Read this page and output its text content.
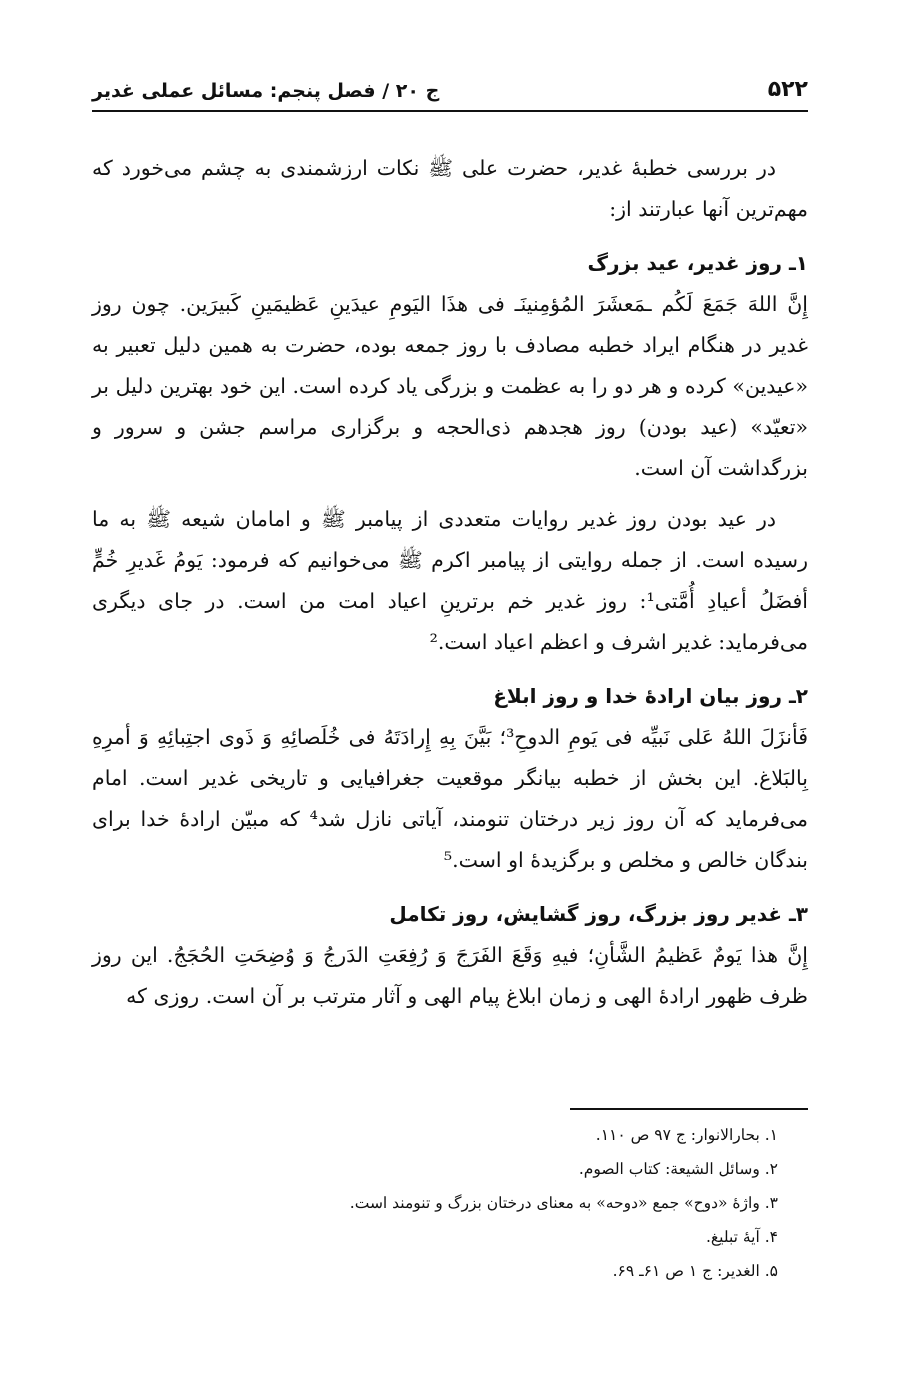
۵۲۲
ج ۲۰ / فصل پنجم: مسائل عملی غدیر

در بررسی خطبهٔ غدیر، حضرت علی ﷺ نکات ارزشمندی به چشم می‌خورد که مهم‌ترین آنها عبارتند از:

۱ـ روز غدیر، عید بزرگ

إِنَّ اللهَ جَمَعَ لَکُم ـمَعشَرَ المُؤمِنینَـ فی هذَا الیَومِ عیدَینِ عَظیمَینِ کَبیرَین. چون روز غدیر در هنگام ایراد خطبه مصادف با روز جمعه بوده، حضرت به همین دلیل تعبیر به «عیدین» کرده و هر دو را به عظمت و بزرگی یاد کرده است. این خود بهترین دلیل بر «تعیّد» (عید بودن) روز هجدهم ذی‌الحجه و برگزاری مراسم جشن و سرور و بزرگداشت آن است.

در عید بودن روز غدیر روایات متعددی از پیامبر ﷺ و امامان شیعه ﷺ به ما رسیده است. از جمله روایتی از پیامبر اکرم ﷺ می‌خوانیم که فرمود: یَومُ غَدیرِ خُمٍّ أفضَلُ أعیادِ أُمَّتی¹: روز غدیر خم برترینِ اعیاد امت من است. در جای دیگری می‌فرماید: غدیر اشرف و اعظم اعیاد است.²

۲ـ روز بیان ارادهٔ خدا و روز ابلاغ

فَأنزَلَ اللهُ عَلی نَبیِّه فی یَومِ الدوحِ³؛ بَیَّنَ بِهِ إِرادَتَهُ فی خُلَصائِهِ وَ ذَوی اجتِبائِهِ وَ أمرِهِ بِالبَلاغ. این بخش از خطبه بیانگر موقعیت جغرافیایی و تاریخی غدیر است. امام می‌فرماید که آن روز زیر درختان تنومند، آیاتی نازل شد⁴ که مبیّن ارادهٔ خدا برای بندگان خالص و مخلص و برگزیدهٔ او است.⁵

۳ـ غدیر روز بزرگ، روز گشایش، روز تکامل

إِنَّ هذا یَومٌ عَظیمُ الشَّأنِ؛ فیهِ وَقَعَ الفَرَجَ وَ رُفِعَتِ الدَرجُ وَ وُضِحَتِ الحُجَجُ. این روز ظرف ظهور ارادهٔ الهی و زمان ابلاغ پیام الهی و آثار مترتب بر آن است. روزی که

۱. بحارالانوار: ج ۹۷ ص ۱۱۰.
۲. وسائل الشیعة: کتاب الصوم.
۳. واژهٔ «دوح» جمع «دوحه» به معنای درختان بزرگ و تنومند است.
۴. آیهٔ تبلیغ.
۵. الغدیر: ج ۱ ص ۶۱ـ ۶۹.
